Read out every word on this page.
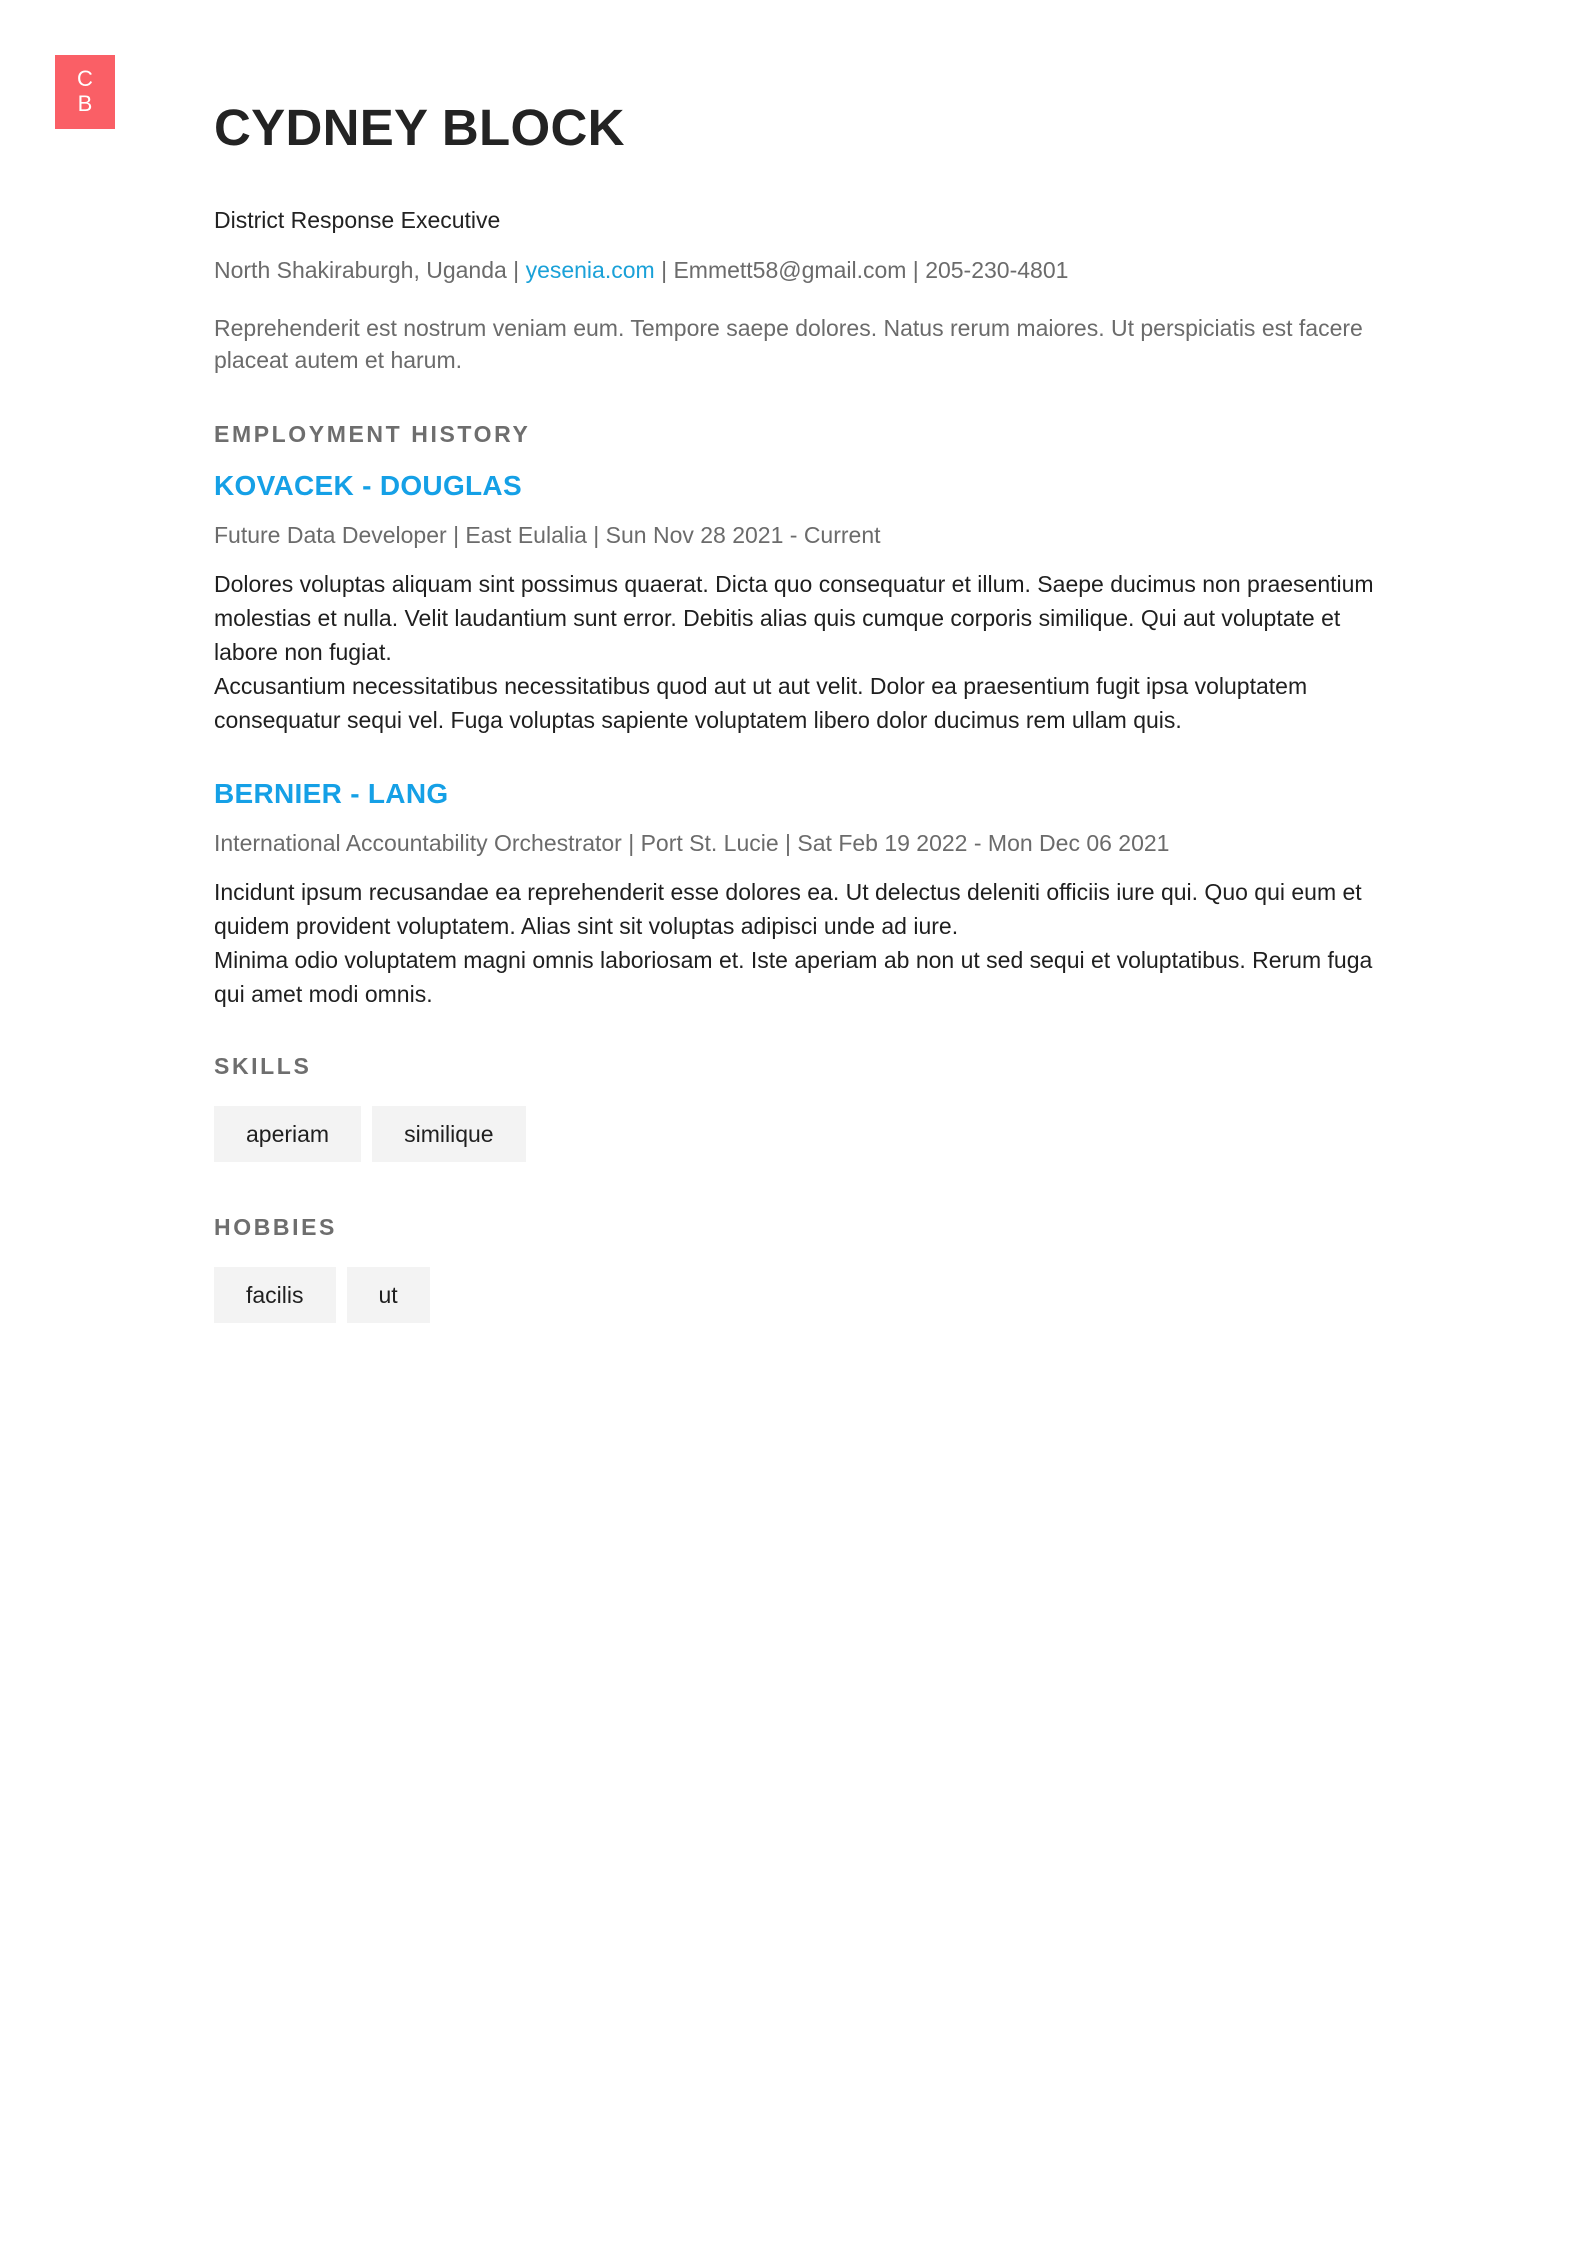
C
B	CYDNEY BLOCK
District Response Executive
North Shakiraburgh, Uganda | yesenia.com | Emmett58@gmail.com | 205-230-4801
Reprehenderit est nostrum veniam eum. Tempore saepe dolores. Natus rerum maiores. Ut perspiciatis est facere placeat autem et harum.
EMPLOYMENT HISTORY
KOVACEK - DOUGLAS
Future Data Developer | East Eulalia | Sun Nov 28 2021 - Current

Dolores voluptas aliquam sint possimus quaerat. Dicta quo consequatur et illum. Saepe ducimus non praesentium molestias et nulla. Velit laudantium sunt error. Debitis alias quis cumque corporis similique. Qui aut voluptate et labore non fugiat.

Accusantium necessitatibus necessitatibus quod aut ut aut velit. Dolor ea praesentium fugit ipsa voluptatem consequatur sequi vel. Fuga voluptas sapiente voluptatem libero dolor ducimus rem ullam quis.

BERNIER - LANG
International Accountability Orchestrator | Port St. Lucie | Sat Feb 19 2022 - Mon Dec 06 2021

Incidunt ipsum recusandae ea reprehenderit esse dolores ea. Ut delectus deleniti officiis iure qui. Quo qui eum et quidem provident voluptatem. Alias sint sit voluptas adipisci unde ad iure.

Minima odio voluptatem magni omnis laboriosam et. Iste aperiam ab non ut sed sequi et voluptatibus. Rerum fuga qui amet modi omnis.

SKILLS
aperiam	similique
HOBBIES
facilis	ut
